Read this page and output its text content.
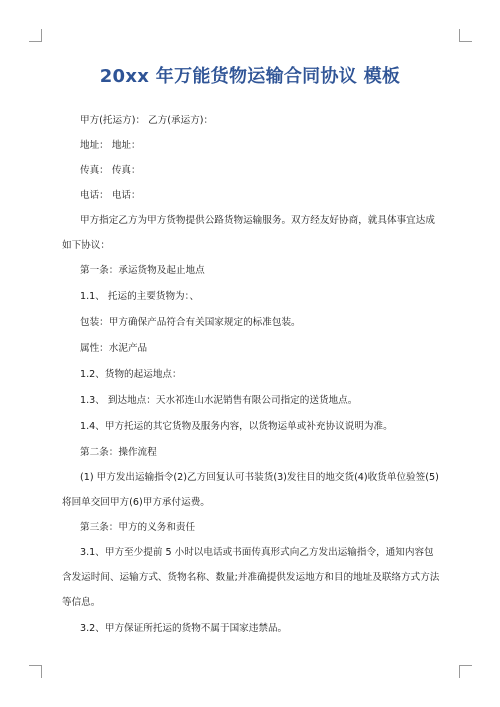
20xx 年万能货物运输合同协议 模板

甲方(托运方)： 乙方(承运方)：

地址： 地址：

传真： 传真：

电话： 电话：

甲方指定乙方为甲方货物提供公路货物运输服务。双方经友好协商，就具体事宜达成如下协议：

第一条：承运货物及起止地点

1.1、 托运的主要货物为：、

包装：甲方确保产品符合有关国家规定的标准包装。

属性：水泥产品

1.2、货物的起运地点：

1.3、 到达地点：天水祁连山水泥销售有限公司指定的送货地点。

1.4、甲方托运的其它货物及服务内容，以货物运单或补充协议说明为准。

第二条：操作流程

(1) 甲方发出运输指令(2)乙方回复认可书装货(3)发往目的地交货(4)收货单位验签(5)将回单交回甲方(6)甲方承付运费。

第三条：甲方的义务和责任

3.1、甲方至少提前 5 小时以电话或书面传真形式向乙方发出运输指令，通知内容包含发运时间、运输方式、货物名称、数量;并准确提供发运地方和目的地址及联络方式方法等信息。

3.2、甲方保证所托运的货物不属于国家违禁品。
